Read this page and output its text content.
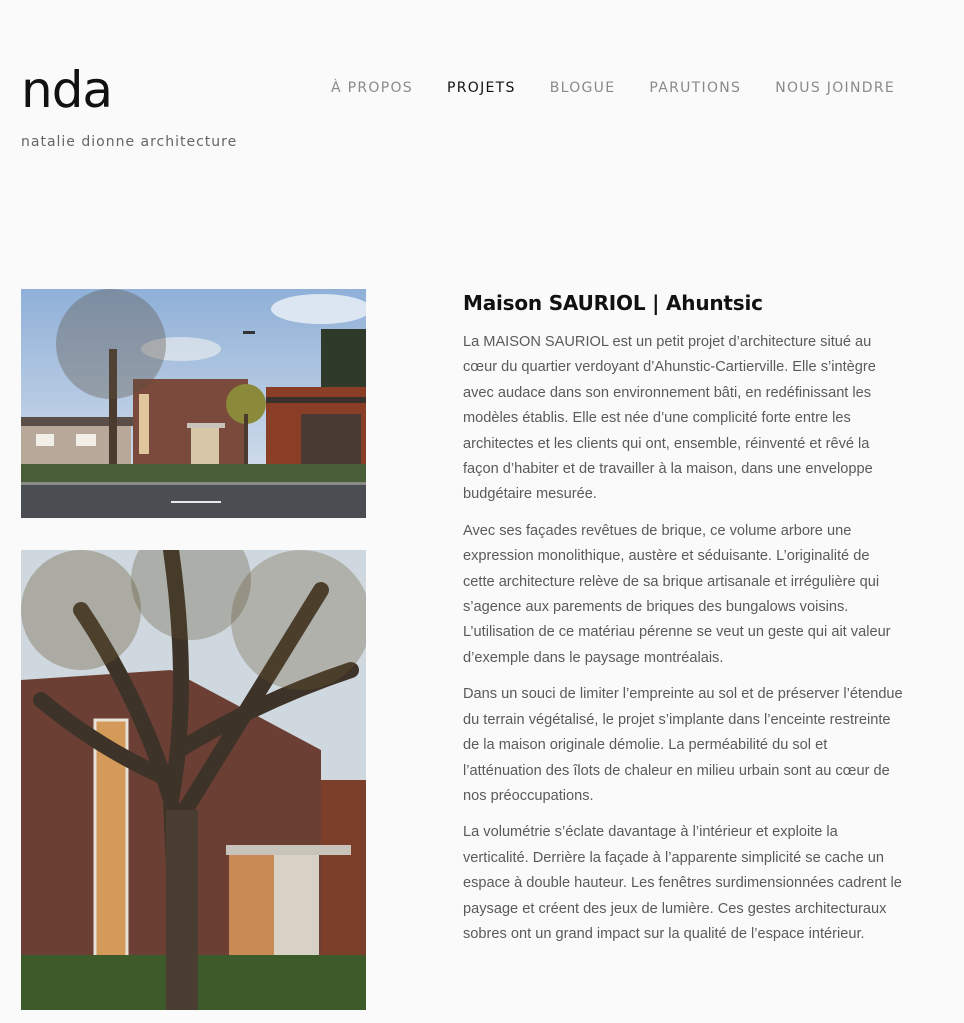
nda
natalie dionne architecture
À PROPOS PROJETS BLOGUE PARUTIONS NOUS JOINDRE
Maison SAURIOL | Ahuntsic

La MAISON SAURIOL est un petit projet d’architecture situé au cœur du quartier verdoyant d’Ahunstic-Cartierville. Elle s’intègre avec audace dans son environnement bâti, en redéfinissant les modèles établis. Elle est née d’une complicité forte entre les architectes et les clients qui ont, ensemble, réinventé et rêvé la façon d’habiter et de travailler à la maison, dans une enveloppe budgétaire mesurée.

Avec ses façades revêtues de brique, ce volume arbore une expression monolithique, austère et séduisante. L’originalité de cette architecture relève de sa brique artisanale et irrégulière qui s’agence aux parements de briques des bungalows voisins. L’utilisation de ce matériau pérenne se veut un geste qui ait valeur d’exemple dans le paysage montréalais.

Dans un souci de limiter l’empreinte au sol et de préserver l’étendue du terrain végétalisé, le projet s’implante dans l’enceinte restreinte de la maison originale démolie. La perméabilité du sol et l’atténuation des îlots de chaleur en milieu urbain sont au cœur de nos préoccupations.

La volumétrie s’éclate davantage à l’intérieur et exploite la verticalité. Derrière la façade à l’apparente simplicité se cache un espace à double hauteur. Les fenêtres surdimensionnées cadrent le paysage et créent des jeux de lumière. Ces gestes architecturaux sobres ont un grand impact sur la qualité de l’espace intérieur.
